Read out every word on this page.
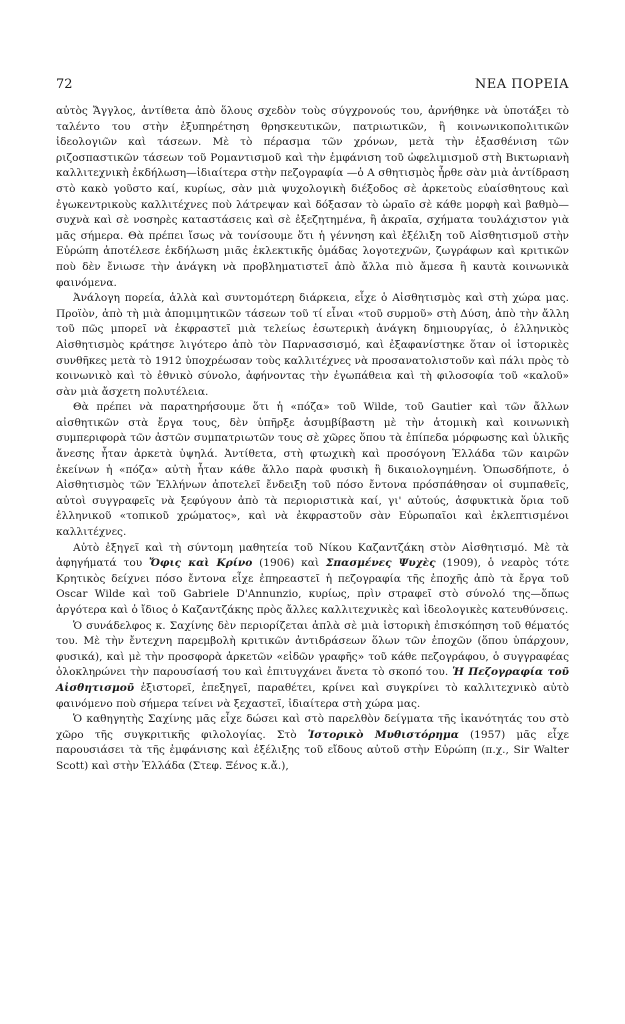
72	ΝΕΑ ΠΟΡΕΙΑ

αὐτὸς Ἄγγλος, ἀντίθετα ἀπὸ ὅλους σχεδὸν τοὺς σύγχρονούς του, ἀρνήθηκε νὰ ὑποτάξει τὸ ταλέντο του στὴν ἐξυπηρέτηση θρησκευτικῶν, πατριωτικῶν, ἢ κοινωνικοπολιτικῶν ἰδεολογιῶν καὶ τάσεων. Μὲ τὸ πέρασμα τῶν χρόνων, μετὰ τὴν ἐξασθένιση τῶν ριζοσπαστικῶν τάσεων τοῦ Ρομαντισμοῦ καὶ τὴν ἐμφάνιση τοῦ ὠφελιμισμοῦ στὴ Βικτωριανὴ καλλιτεχνικὴ ἐκδήλωση—ἰδιαίτερα στὴν πεζογραφία —ὁ Α σθητισμὸς ἦρθε σὰν μιὰ ἀντίδραση στὸ κακὸ γοῦστο καί, κυρίως, σὰν μιὰ ψυχολογικὴ διέξοδος σὲ ἀρκετοὺς εὐαίσθητους καὶ ἐγωκεντρικοὺς καλλιτέχνες ποὺ λάτρεψαν καὶ δόξασαν τὸ ὡραῖο σὲ κάθε μορφὴ καὶ βαθμὸ—συχνὰ καὶ σὲ νοσηρὲς καταστάσεις καὶ σὲ ἐξεζητημένα, ἢ ἀκραῖα, σχήματα τουλάχιστον γιὰ μᾶς σήμερα. Θὰ πρέπει ἴσως νὰ τονίσουμε ὅτι ἡ γέννηση καὶ ἐξέλιξη τοῦ Αἰσθητισμοῦ στὴν Εὐρώπη ἀποτέλεσε ἐκδήλωση μιᾶς ἐκλεκτικῆς ὁμάδας λογοτεχνῶν, ζωγράφων καὶ κριτικῶν ποὺ δὲν ἔνιωσε τὴν ἀνάγκη νὰ προβληματιστεῖ ἀπὸ ἄλλα πιὸ ἄμεσα ἢ καυτὰ κοινωνικὰ φαινόμενα.

Ἀνάλογη πορεία, ἀλλὰ καὶ συντομότερη διάρκεια, εἶχε ὁ Αἰσθητισμὸς καὶ στὴ χώρα μας. Προϊὸν, ἀπὸ τὴ μιὰ ἀπομιμητικῶν τάσεων τοῦ τί εἶναι «τοῦ συρμοῦ» στὴ Δύση, ἀπὸ τὴν ἄλλη τοῦ πῶς μπορεῖ νὰ ἐκφραστεῖ μιὰ τελείως ἐσωτερικὴ ἀνάγκη δημιουργίας, ὁ ἑλληνικὸς Αἰσθητισμὸς κράτησε λιγότερο ἀπὸ τὸν Παρνασσισμό, καὶ ἐξαφανίστηκε ὅταν οἱ ἱστορικὲς συνθῆκες μετὰ τὸ 1912 ὑποχρέωσαν τοὺς καλλιτέχνες νὰ προσανατολιστοῦν καὶ πάλι πρὸς τὸ κοινωνικὸ καὶ τὸ ἐθνικὸ σύνολο, ἀφήνοντας τὴν ἐγωπάθεια καὶ τὴ φιλοσοφία τοῦ «καλοῦ» σὰν μιὰ ἄσχετη πολυτέλεια.

Θὰ πρέπει νὰ παρατηρήσουμε ὅτι ἡ «πόζα» τοῦ Wilde, τοῦ Gautier καὶ τῶν ἄλλων αἰσθητικῶν στὰ ἔργα τους, δὲν ὑπῆρξε ἀσυμβίβαστη μὲ τὴν ἀτομικὴ καὶ κοινωνικὴ συμπεριφορὰ τῶν ἀστῶν συμπατριωτῶν τους σὲ χῶρες ὅπου τὰ ἐπίπεδα μόρφωσης καὶ ὑλικῆς ἄνεσης ἦταν ἀρκετὰ ὑψηλά. Ἀντίθετα, στὴ φτωχικὴ καὶ προσόγονη Ἑλλάδα τῶν καιρῶν ἐκείνων ἡ «πόζα» αὐτὴ ἦταν κάθε ἄλλο παρὰ φυσικὴ ἢ δικαιολογημένη. Ὁπωσδήποτε, ὁ Αἰσθητισμὸς τῶν Ἑλλήνων ἀποτελεῖ ἔνδειξη τοῦ πόσο ἔντονα πρόσπάθησαν οἱ συμπαθεῖς, αὐτοὶ συγγραφεῖς νὰ ξεφύγουν ἀπὸ τὰ περιοριστικὰ καί, γι' αὐτούς, ἀσφυκτικὰ ὅρια τοῦ ἑλληνικοῦ «τοπικοῦ χρώματος», καὶ νὰ ἐκφραστοῦν σὰν Εὐρωπαῖοι καὶ ἐκλεπτισμένοι καλλιτέχνες.

Αὐτὸ ἐξηγεῖ καὶ τὴ σύντομη μαθητεία τοῦ Νίκου Καζαντζάκη στὸν Αἰσθητισμό. Μὲ τὰ ἀφηγήματά του Ὄφις καὶ Κρίνο (1906) καὶ Σπασμένες Ψυχὲς (1909), ὁ νεαρὸς τότε Κρητικὸς δείχνει πόσο ἔντονα εἶχε ἐπηρεαστεῖ ἡ πεζογραφία τῆς ἐποχῆς ἀπὸ τὰ ἔργα τοῦ Oscar Wilde καὶ τοῦ Gabriele D'Annunzio, κυρίως, πρὶν στραφεῖ στὸ σύνολό της—ὅπως ἀργότερα καὶ ὁ ἴδιος ὁ Καζαντζάκης πρὸς ἄλλες καλλιτεχνικὲς καὶ ἰδεολογικὲς κατευθύνσεις.

Ὁ συνάδελφος κ. Σαχίνης δὲν περιορίζεται ἁπλὰ σὲ μιὰ ἱστορικὴ ἐπισκόπηση τοῦ θέματός του. Μὲ τὴν ἔντεχνη παρεμβολὴ κριτικῶν ἀντιδράσεων ὅλων τῶν ἐποχῶν (ὅπου ὑπάρχουν, φυσικά), καὶ μὲ τὴν προσφορὰ ἀρκετῶν «εἰδῶν γραφῆς» τοῦ κάθε πεζογράφου, ὁ συγγραφέας ὁλοκληρώνει τὴν παρουσίασή του καὶ ἐπιτυγχάνει ἄνετα τὸ σκοπό του. Ἡ Πεζογραφία τοῦ Αἰσθητισμοῦ ἐξιστορεῖ, ἐπεξηγεῖ, παραθέτει, κρίνει καὶ συγκρίνει τὸ καλλιτεχνικὸ αὐτὸ φαινόμενο ποὺ σήμερα τείνει νὰ ξεχαστεῖ, ἰδιαίτερα στὴ χώρα μας.

Ὁ καθηγητὴς Σαχίνης μᾶς εἶχε δώσει καὶ στὸ παρελθὸν δείγματα τῆς ἱκανότητάς του στὸ χῶρο τῆς συγκριτικῆς φιλολογίας. Στὸ Ἱστορικὸ Μυθιστόρημα (1957) μᾶς εἶχε παρουσιάσει τὰ τῆς ἐμφάνισης καὶ ἐξέλιξης τοῦ εἴδους αὐτοῦ στὴν Εὐρώπη (π.χ., Sir Walter Scott) καὶ στὴν Ἑλλάδα (Στεφ. Ξένος κ.ἄ.),
